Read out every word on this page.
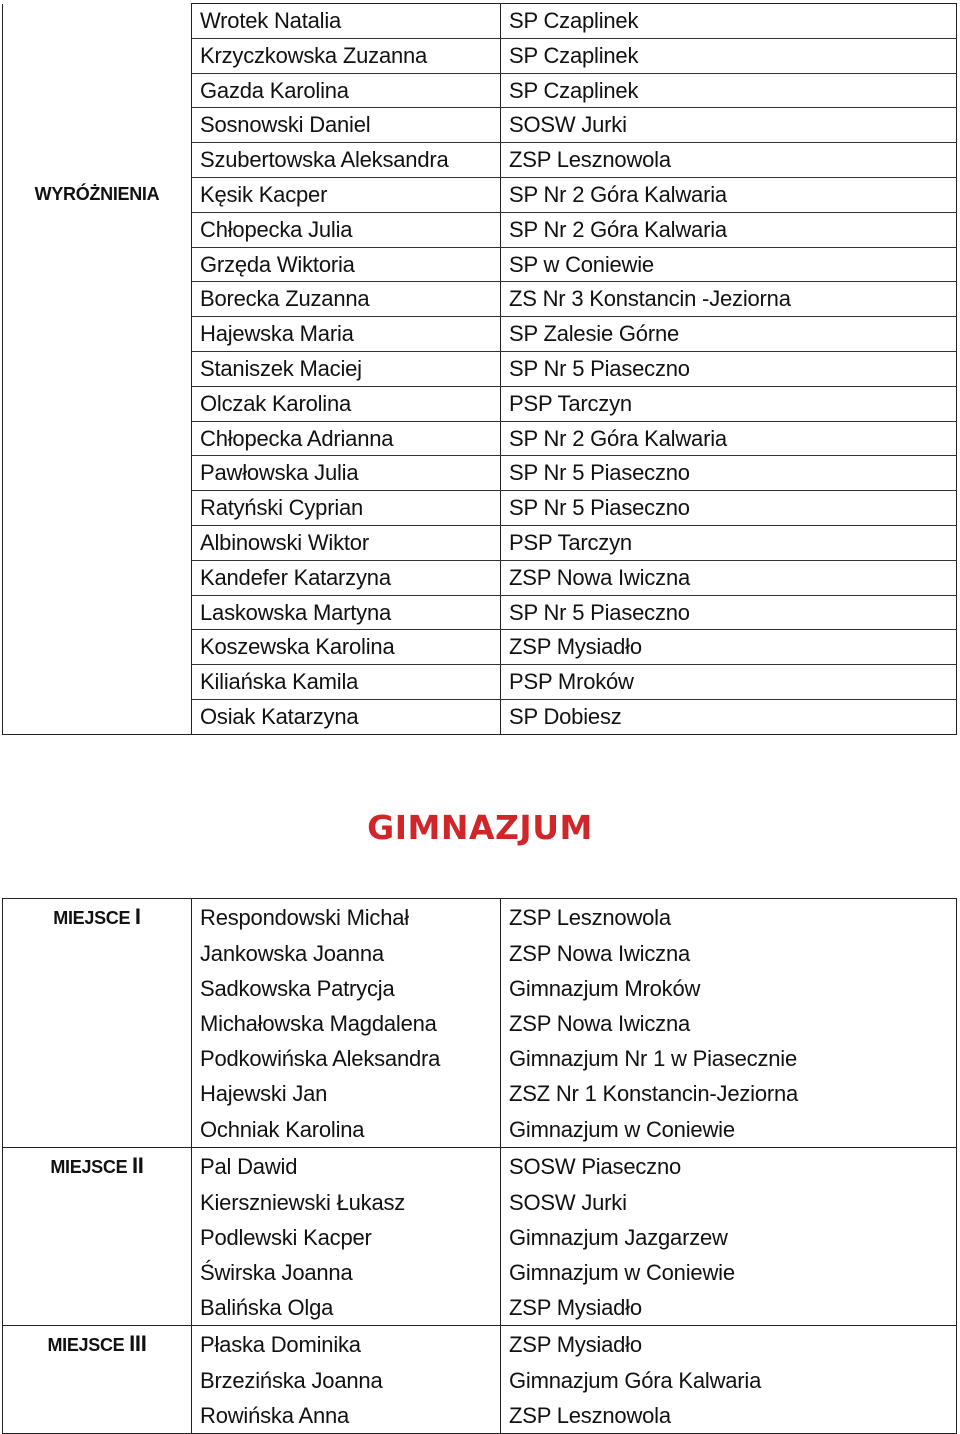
	Wrotek Natalia	SP Czaplinek
	Krzyczkowska Zuzanna	SP Czaplinek
	Gazda Karolina	SP Czaplinek
	Sosnowski Daniel	SOSW Jurki
	Szubertowska Aleksandra	ZSP Lesznowola
WYRÓŻNIENIA	Kęsik Kacper	SP Nr 2 Góra Kalwaria
	Chłopecka Julia	SP Nr 2 Góra Kalwaria
	Grzęda Wiktoria	SP w Coniewie
	Borecka Zuzanna	ZS Nr 3 Konstancin -Jeziorna
	Hajewska Maria	SP Zalesie Górne
	Staniszek Maciej	SP Nr 5 Piaseczno
	Olczak Karolina	PSP Tarczyn
	Chłopecka Adrianna	SP Nr 2 Góra Kalwaria
	Pawłowska Julia	SP Nr 5 Piaseczno
	Ratyński Cyprian	SP Nr 5 Piaseczno
	Albinowski Wiktor	PSP Tarczyn
	Kandefer Katarzyna	ZSP Nowa Iwiczna
	Laskowska Martyna	SP Nr 5 Piaseczno
	Koszewska Karolina	ZSP Mysiadło
	Kiliańska Kamila	PSP Mroków
	Osiak Katarzyna	SP Dobiesz
GIMNAZJUM
MIEJSCE I	Respondowski Michał	ZSP Lesznowola
	Jankowska Joanna	ZSP Nowa Iwiczna
	Sadkowska Patrycja	Gimnazjum Mroków
	Michałowska Magdalena	ZSP Nowa Iwiczna
	Podkowińska Aleksandra	Gimnazjum Nr 1 w Piasecznie
	Hajewski Jan	ZSZ Nr 1 Konstancin-Jeziorna
	Ochniak Karolina	Gimnazjum w Coniewie
MIEJSCE II	Pal Dawid	SOSW Piaseczno
	Kierszniewski Łukasz	SOSW Jurki
	Podlewski Kacper	Gimnazjum Jazgarzew
	Świrska Joanna	Gimnazjum w Coniewie
	Balińska Olga	ZSP Mysiadło
MIEJSCE III	Płaska Dominika	ZSP Mysiadło
	Brzezińska Joanna	Gimnazjum Góra Kalwaria
	Rowińska Anna	ZSP Lesznowola
